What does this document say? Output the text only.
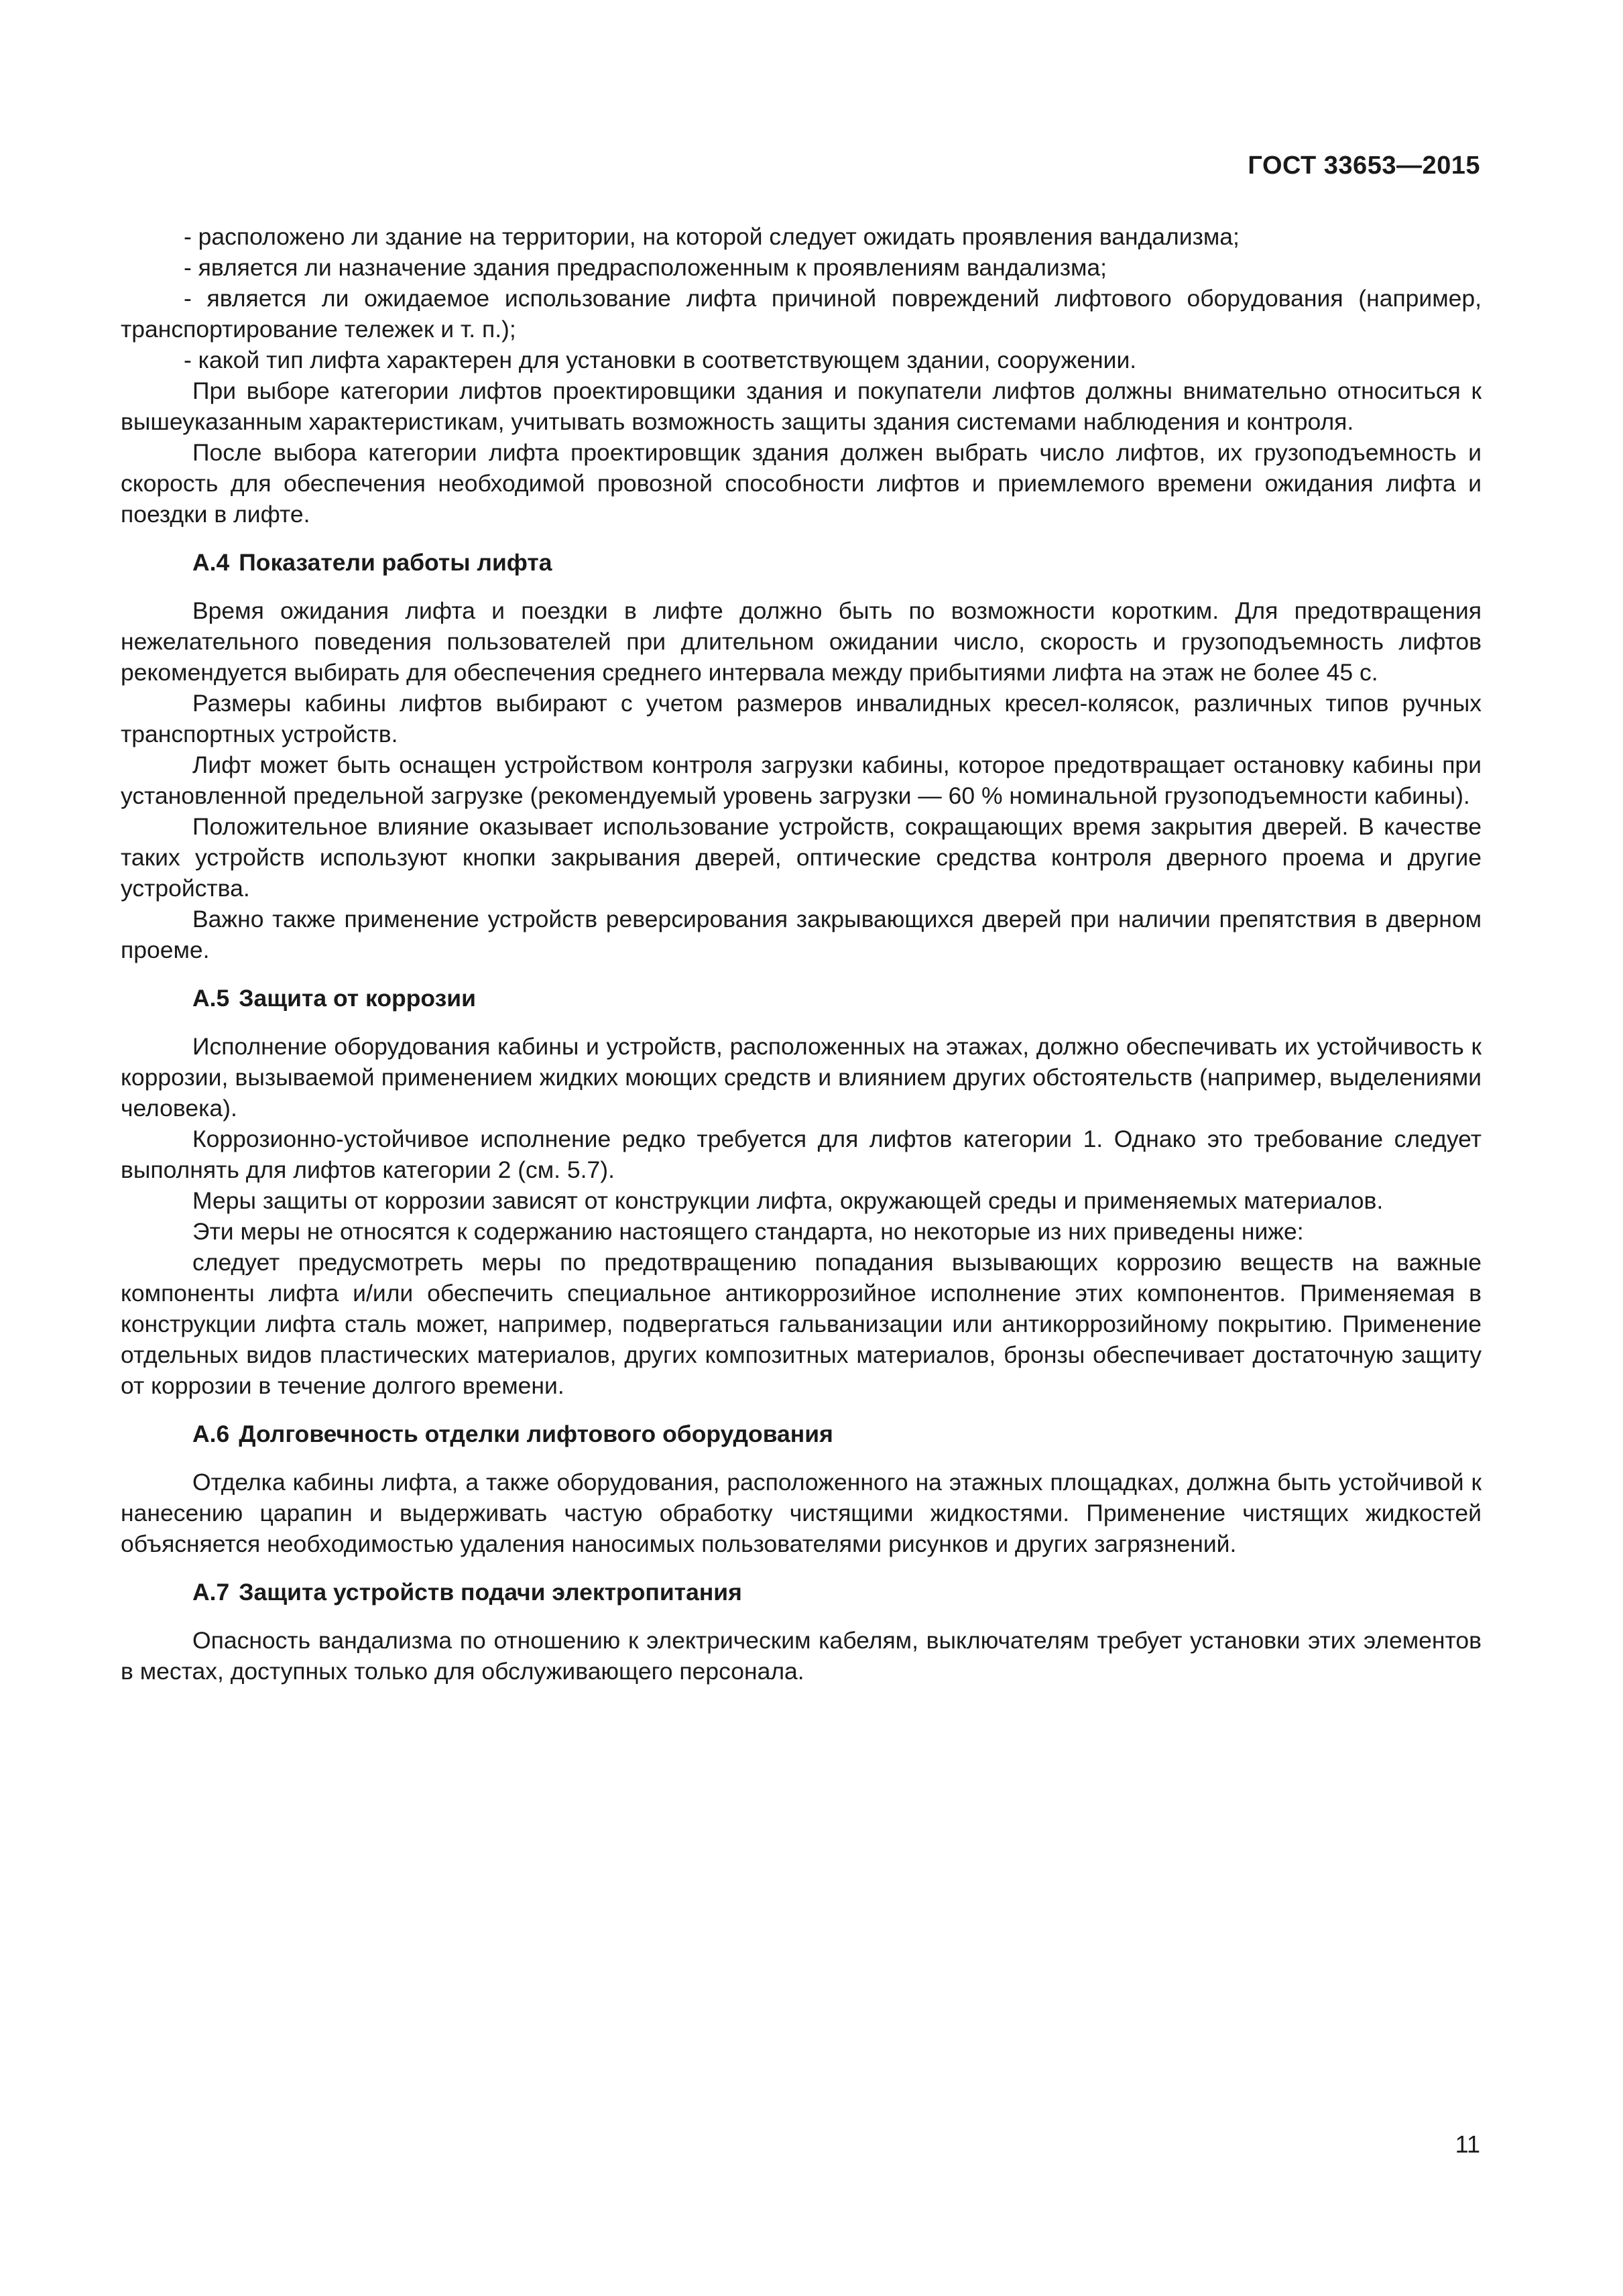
ГОСТ 33653—2015

- расположено ли здание на территории, на которой следует ожидать проявления вандализма;

- является ли назначение здания предрасположенным к проявлениям вандализма;

- является ли ожидаемое использование лифта причиной повреждений лифтового оборудования (например, транспортирование тележек и т. п.);

- какой тип лифта характерен для установки в соответствующем здании, сооружении.

При выборе категории лифтов проектировщики здания и покупатели лифтов должны внимательно относиться к вышеуказанным характеристикам, учитывать возможность защиты здания системами наблюдения и контроля.

После выбора категории лифта проектировщик здания должен выбрать число лифтов, их грузоподъемность и скорость для обеспечения необходимой провозной способности лифтов и приемлемого времени ожидания лифта и поездки в лифте.

А.4 Показатели работы лифта

Время ожидания лифта и поездки в лифте должно быть по возможности коротким. Для предотвращения нежелательного поведения пользователей при длительном ожидании число, скорость и грузоподъемность лифтов рекомендуется выбирать для обеспечения среднего интервала между прибытиями лифта на этаж не более 45 с.

Размеры кабины лифтов выбирают с учетом размеров инвалидных кресел-колясок, различных типов ручных транспортных устройств.

Лифт может быть оснащен устройством контроля загрузки кабины, которое предотвращает остановку кабины при установленной предельной загрузке (рекомендуемый уровень загрузки — 60 % номинальной грузоподъемности кабины).

Положительное влияние оказывает использование устройств, сокращающих время закрытия дверей. В качестве таких устройств используют кнопки закрывания дверей, оптические средства контроля дверного проема и другие устройства.

Важно также применение устройств реверсирования закрывающихся дверей при наличии препятствия в дверном проеме.

А.5 Защита от коррозии

Исполнение оборудования кабины и устройств, расположенных на этажах, должно обеспечивать их устойчивость к коррозии, вызываемой применением жидких моющих средств и влиянием других обстоятельств (например, выделениями человека).

Коррозионно-устойчивое исполнение редко требуется для лифтов категории 1. Однако это требование следует выполнять для лифтов категории 2 (см. 5.7).

Меры защиты от коррозии зависят от конструкции лифта, окружающей среды и применяемых материалов.

Эти меры не относятся к содержанию настоящего стандарта, но некоторые из них приведены ниже:

следует предусмотреть меры по предотвращению попадания вызывающих коррозию веществ на важные компоненты лифта и/или обеспечить специальное антикоррозийное исполнение этих компонентов. Применяемая в конструкции лифта сталь может, например, подвергаться гальванизации или антикоррозийному покрытию. Применение отдельных видов пластических материалов, других композитных материалов, бронзы обеспечивает достаточную защиту от коррозии в течение долгого времени.

А.6 Долговечность отделки лифтового оборудования

Отделка кабины лифта, а также оборудования, расположенного на этажных площадках, должна быть устойчивой к нанесению царапин и выдерживать частую обработку чистящими жидкостями. Применение чистящих жидкостей объясняется необходимостью удаления наносимых пользователями рисунков и других загрязнений.

А.7 Защита устройств подачи электропитания

Опасность вандализма по отношению к электрическим кабелям, выключателям требует установки этих элементов в местах, доступных только для обслуживающего персонала.

11
